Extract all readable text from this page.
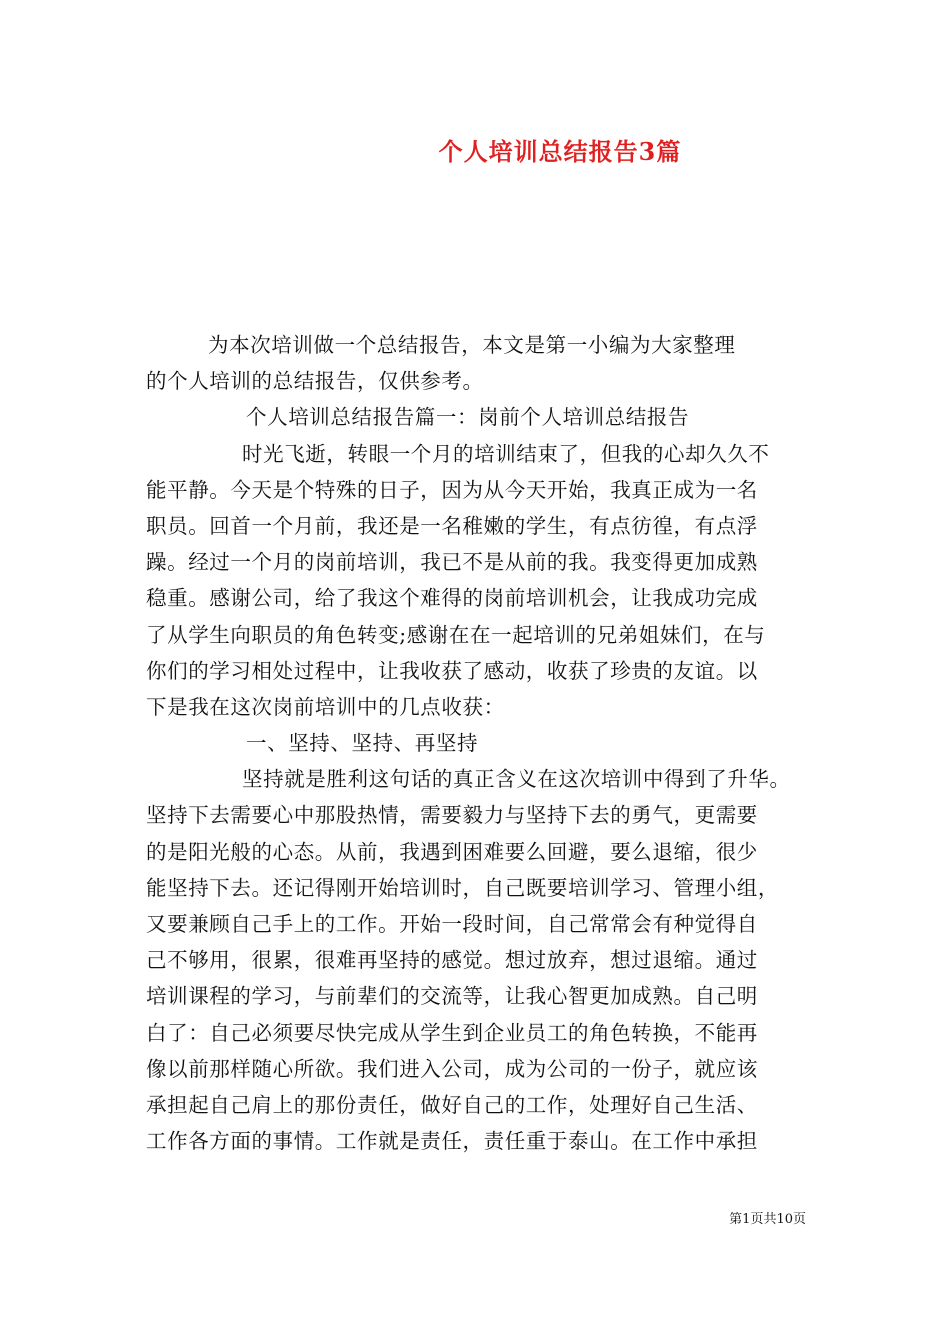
个人培训总结报告3篇
为本次培训做一个总结报告，本文是第一小编为大家整理
的个人培训的总结报告，仅供参考。
个人培训总结报告篇一：岗前个人培训总结报告
时光飞逝，转眼一个月的培训结束了，但我的心却久久不
能平静。今天是个特殊的日子，因为从今天开始，我真正成为一名
职员。回首一个月前，我还是一名稚嫩的学生，有点彷徨，有点浮
躁。经过一个月的岗前培训，我已不是从前的我。我变得更加成熟
稳重。感谢公司，给了我这个难得的岗前培训机会，让我成功完成
了从学生向职员的角色转变;感谢在在一起培训的兄弟姐妹们，在与
你们的学习相处过程中，让我收获了感动，收获了珍贵的友谊。以
下是我在这次岗前培训中的几点收获：
一、坚持、坚持、再坚持
坚持就是胜利这句话的真正含义在这次培训中得到了升华。
坚持下去需要心中那股热情，需要毅力与坚持下去的勇气，更需要
的是阳光般的心态。从前，我遇到困难要么回避，要么退缩，很少
能坚持下去。还记得刚开始培训时，自己既要培训学习、管理小组，
又要兼顾自己手上的工作。开始一段时间，自己常常会有种觉得自
己不够用，很累，很难再坚持的感觉。想过放弃，想过退缩。通过
培训课程的学习，与前辈们的交流等，让我心智更加成熟。自己明
白了：自己必须要尽快完成从学生到企业员工的角色转换，不能再
像以前那样随心所欲。我们进入公司，成为公司的一份子，就应该
承担起自己肩上的那份责任，做好自己的工作，处理好自己生活、
工作各方面的事情。工作就是责任，责任重于泰山。在工作中承担
第1页共10页
